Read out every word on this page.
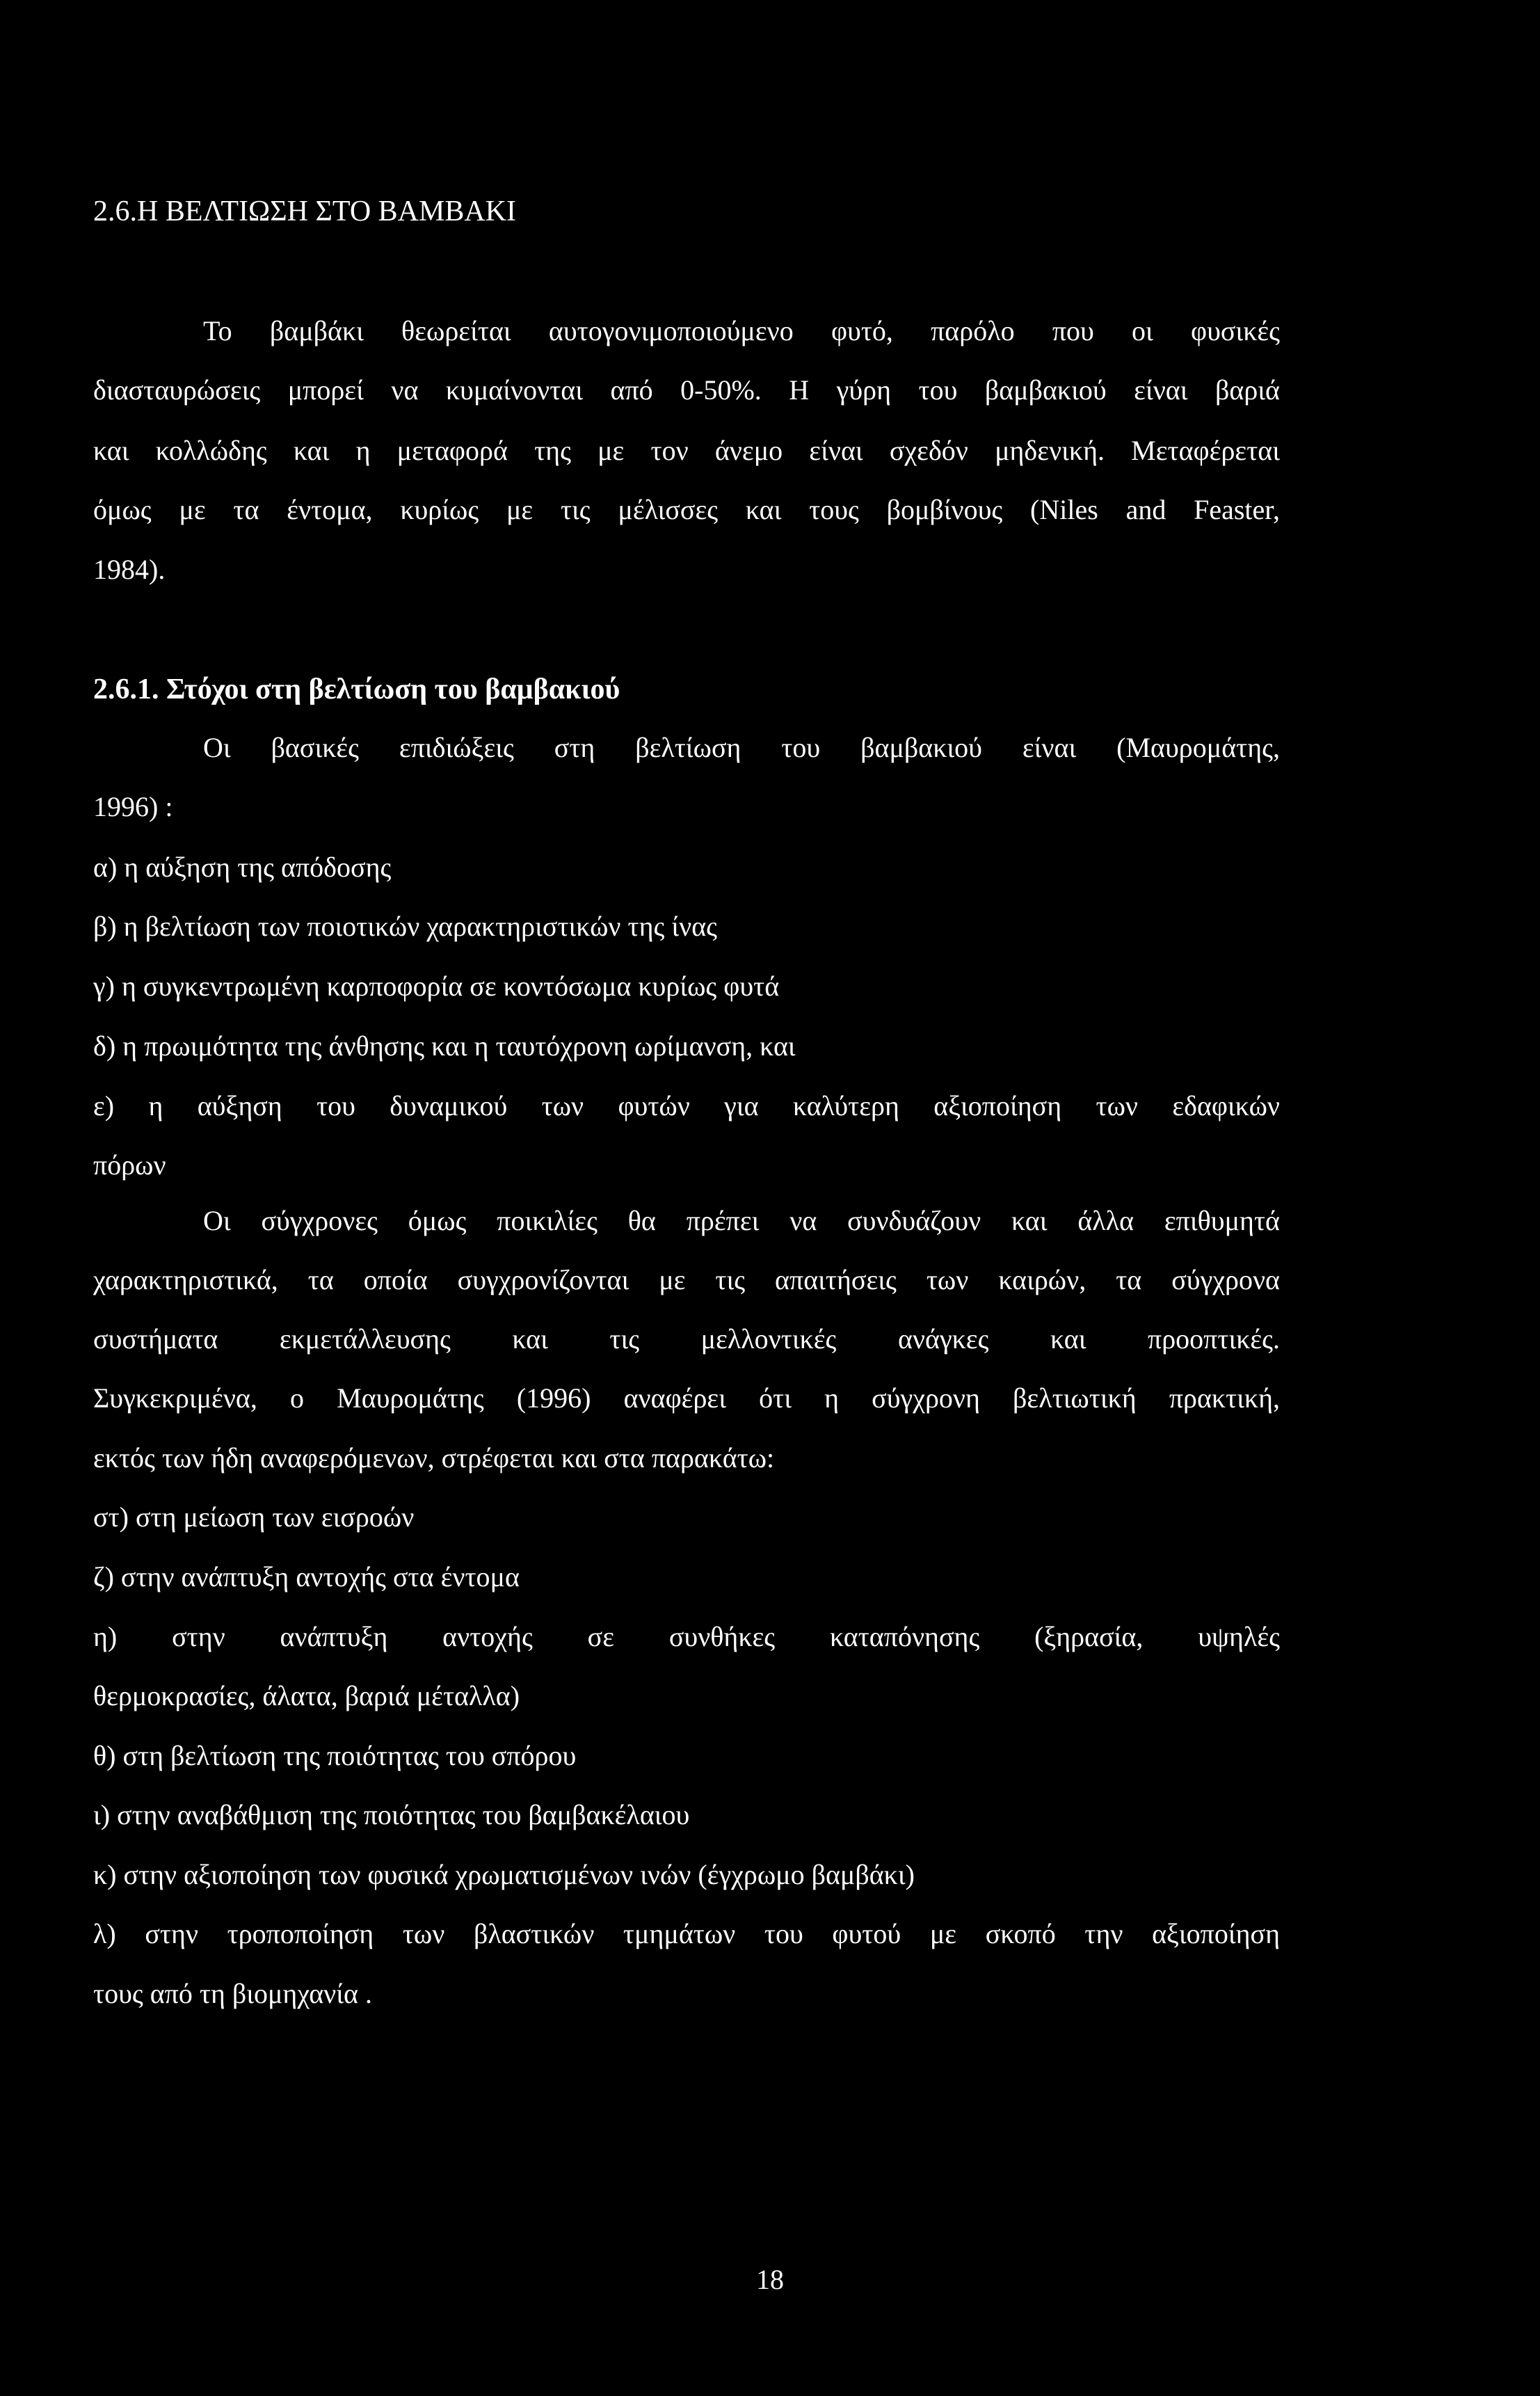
2.6.Η ΒΕΛΤΙΩΣΗ ΣΤΟ ΒΑΜΒΑΚΙ
Το βαμβάκι θεωρείται αυτογονιμοποιούμενο φυτό, παρόλο που οι φυσικές
διασταυρώσεις μπορεί να κυμαίνονται από 0-50%. Η γύρη του βαμβακιού είναι βαριά
και κολλώδης και η μεταφορά της με τον άνεμο είναι σχεδόν μηδενική. Μεταφέρεται
όμως με τα έντομα, κυρίως με τις μέλισσες και τους βομβίνους (Niles and Feaster,
1984).
2.6.1. Στόχοι στη βελτίωση του βαμβακιού
Οι βασικές επιδιώξεις στη βελτίωση του βαμβακιού είναι (Μαυρομάτης,
1996) :
α) η αύξηση της απόδοσης
β) η βελτίωση των ποιοτικών χαρακτηριστικών της ίνας
γ) η συγκεντρωμένη καρποφορία σε κοντόσωμα κυρίως φυτά
δ) η πρωιμότητα της άνθησης και η ταυτόχρονη ωρίμανση, και
ε) η αύξηση του δυναμικού των φυτών για καλύτερη αξιοποίηση των εδαφικών
πόρων
Οι σύγχρονες όμως ποικιλίες θα πρέπει να συνδυάζουν και άλλα επιθυμητά
χαρακτηριστικά, τα οποία συγχρονίζονται με τις απαιτήσεις των καιρών, τα σύγχρονα
συστήματα εκμετάλλευσης και τις μελλοντικές ανάγκες και προοπτικές.
Συγκεκριμένα, ο Μαυρομάτης (1996) αναφέρει ότι η σύγχρονη βελτιωτική πρακτική,
εκτός των ήδη αναφερόμενων, στρέφεται και στα παρακάτω:
στ) στη μείωση των εισροών
ζ) στην ανάπτυξη αντοχής στα έντομα
η) στην ανάπτυξη αντοχής σε συνθήκες καταπόνησης (ξηρασία, υψηλές
θερμοκρασίες, άλατα, βαριά μέταλλα)
θ) στη βελτίωση της ποιότητας του σπόρου
ι) στην αναβάθμιση της ποιότητας του βαμβακέλαιου
κ) στην αξιοποίηση των φυσικά χρωματισμένων ινών (έγχρωμο βαμβάκι)
λ) στην τροποποίηση των βλαστικών τμημάτων του φυτού με σκοπό την αξιοποίηση
τους από τη βιομηχανία .
18
